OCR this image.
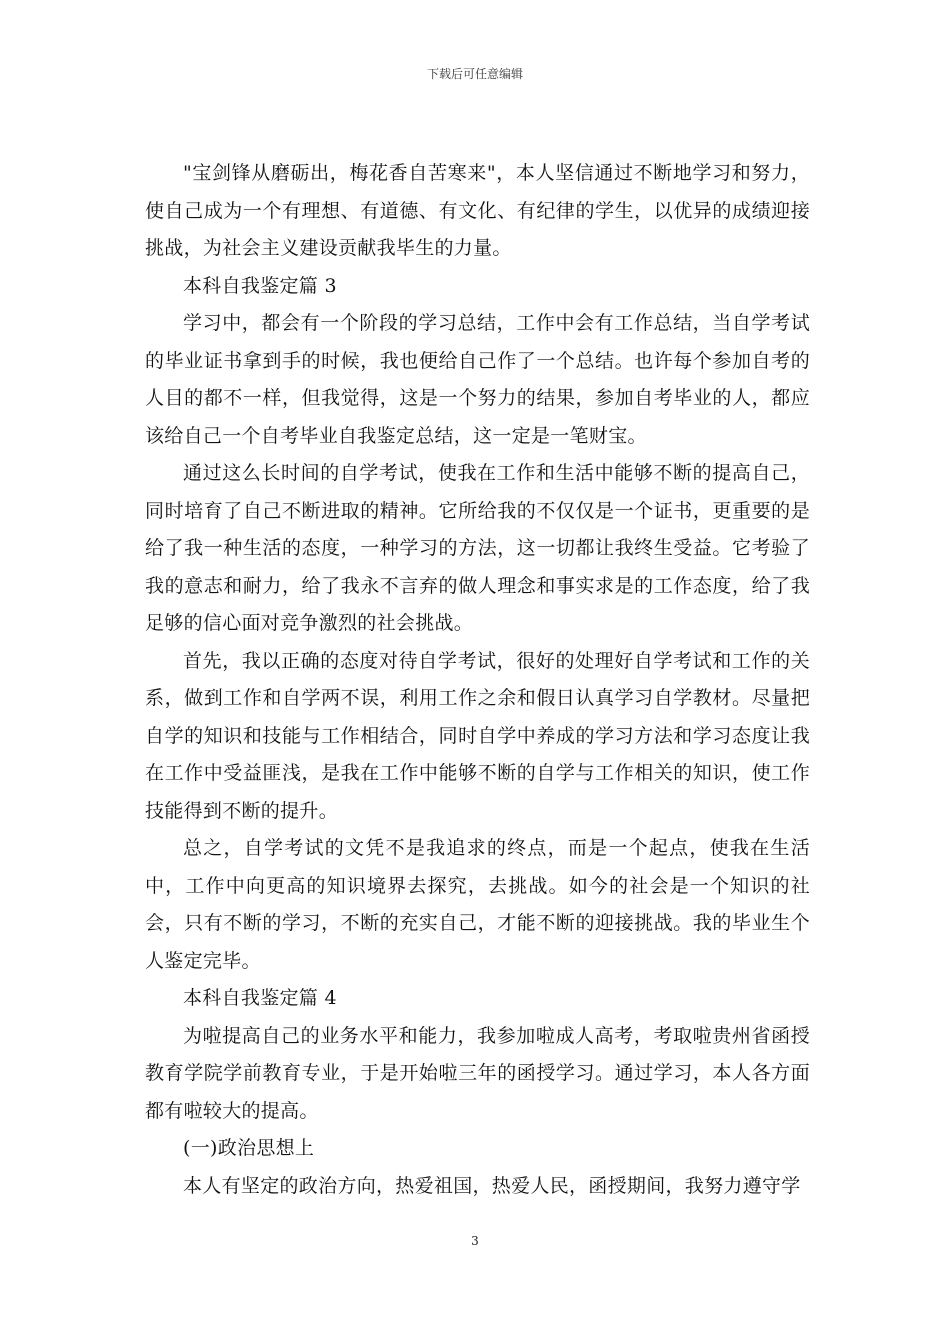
下载后可任意编辑

"宝剑锋从磨砺出，梅花香自苦寒来"，本人坚信通过不断地学习和努力，使自己成为一个有理想、有道德、有文化、有纪律的学生，以优异的成绩迎接挑战，为社会主义建设贡献我毕生的力量。

本科自我鉴定篇 3

学习中，都会有一个阶段的学习总结，工作中会有工作总结，当自学考试的毕业证书拿到手的时候，我也便给自己作了一个总结。也许每个参加自考的人目的都不一样，但我觉得，这是一个努力的结果，参加自考毕业的人，都应该给自己一个自考毕业自我鉴定总结，这一定是一笔财宝。

通过这么长时间的自学考试，使我在工作和生活中能够不断的提高自己，同时培育了自己不断进取的精神。它所给我的不仅仅是一个证书，更重要的是给了我一种生活的态度，一种学习的方法，这一切都让我终生受益。它考验了我的意志和耐力，给了我永不言弃的做人理念和事实求是的工作态度，给了我足够的信心面对竞争激烈的社会挑战。

首先，我以正确的态度对待自学考试，很好的处理好自学考试和工作的关系，做到工作和自学两不误，利用工作之余和假日认真学习自学教材。尽量把自学的知识和技能与工作相结合，同时自学中养成的学习方法和学习态度让我在工作中受益匪浅，是我在工作中能够不断的自学与工作相关的知识，使工作技能得到不断的提升。

总之，自学考试的文凭不是我追求的终点，而是一个起点，使我在生活中，工作中向更高的知识境界去探究，去挑战。如今的社会是一个知识的社会，只有不断的学习，不断的充实自己，才能不断的迎接挑战。我的毕业生个人鉴定完毕。

本科自我鉴定篇 4

为啦提高自己的业务水平和能力，我参加啦成人高考，考取啦贵州省函授教育学院学前教育专业，于是开始啦三年的函授学习。通过学习，本人各方面都有啦较大的提高。

(一)政治思想上

本人有坚定的政治方向，热爱祖国，热爱人民，函授期间，我努力遵守学

3
